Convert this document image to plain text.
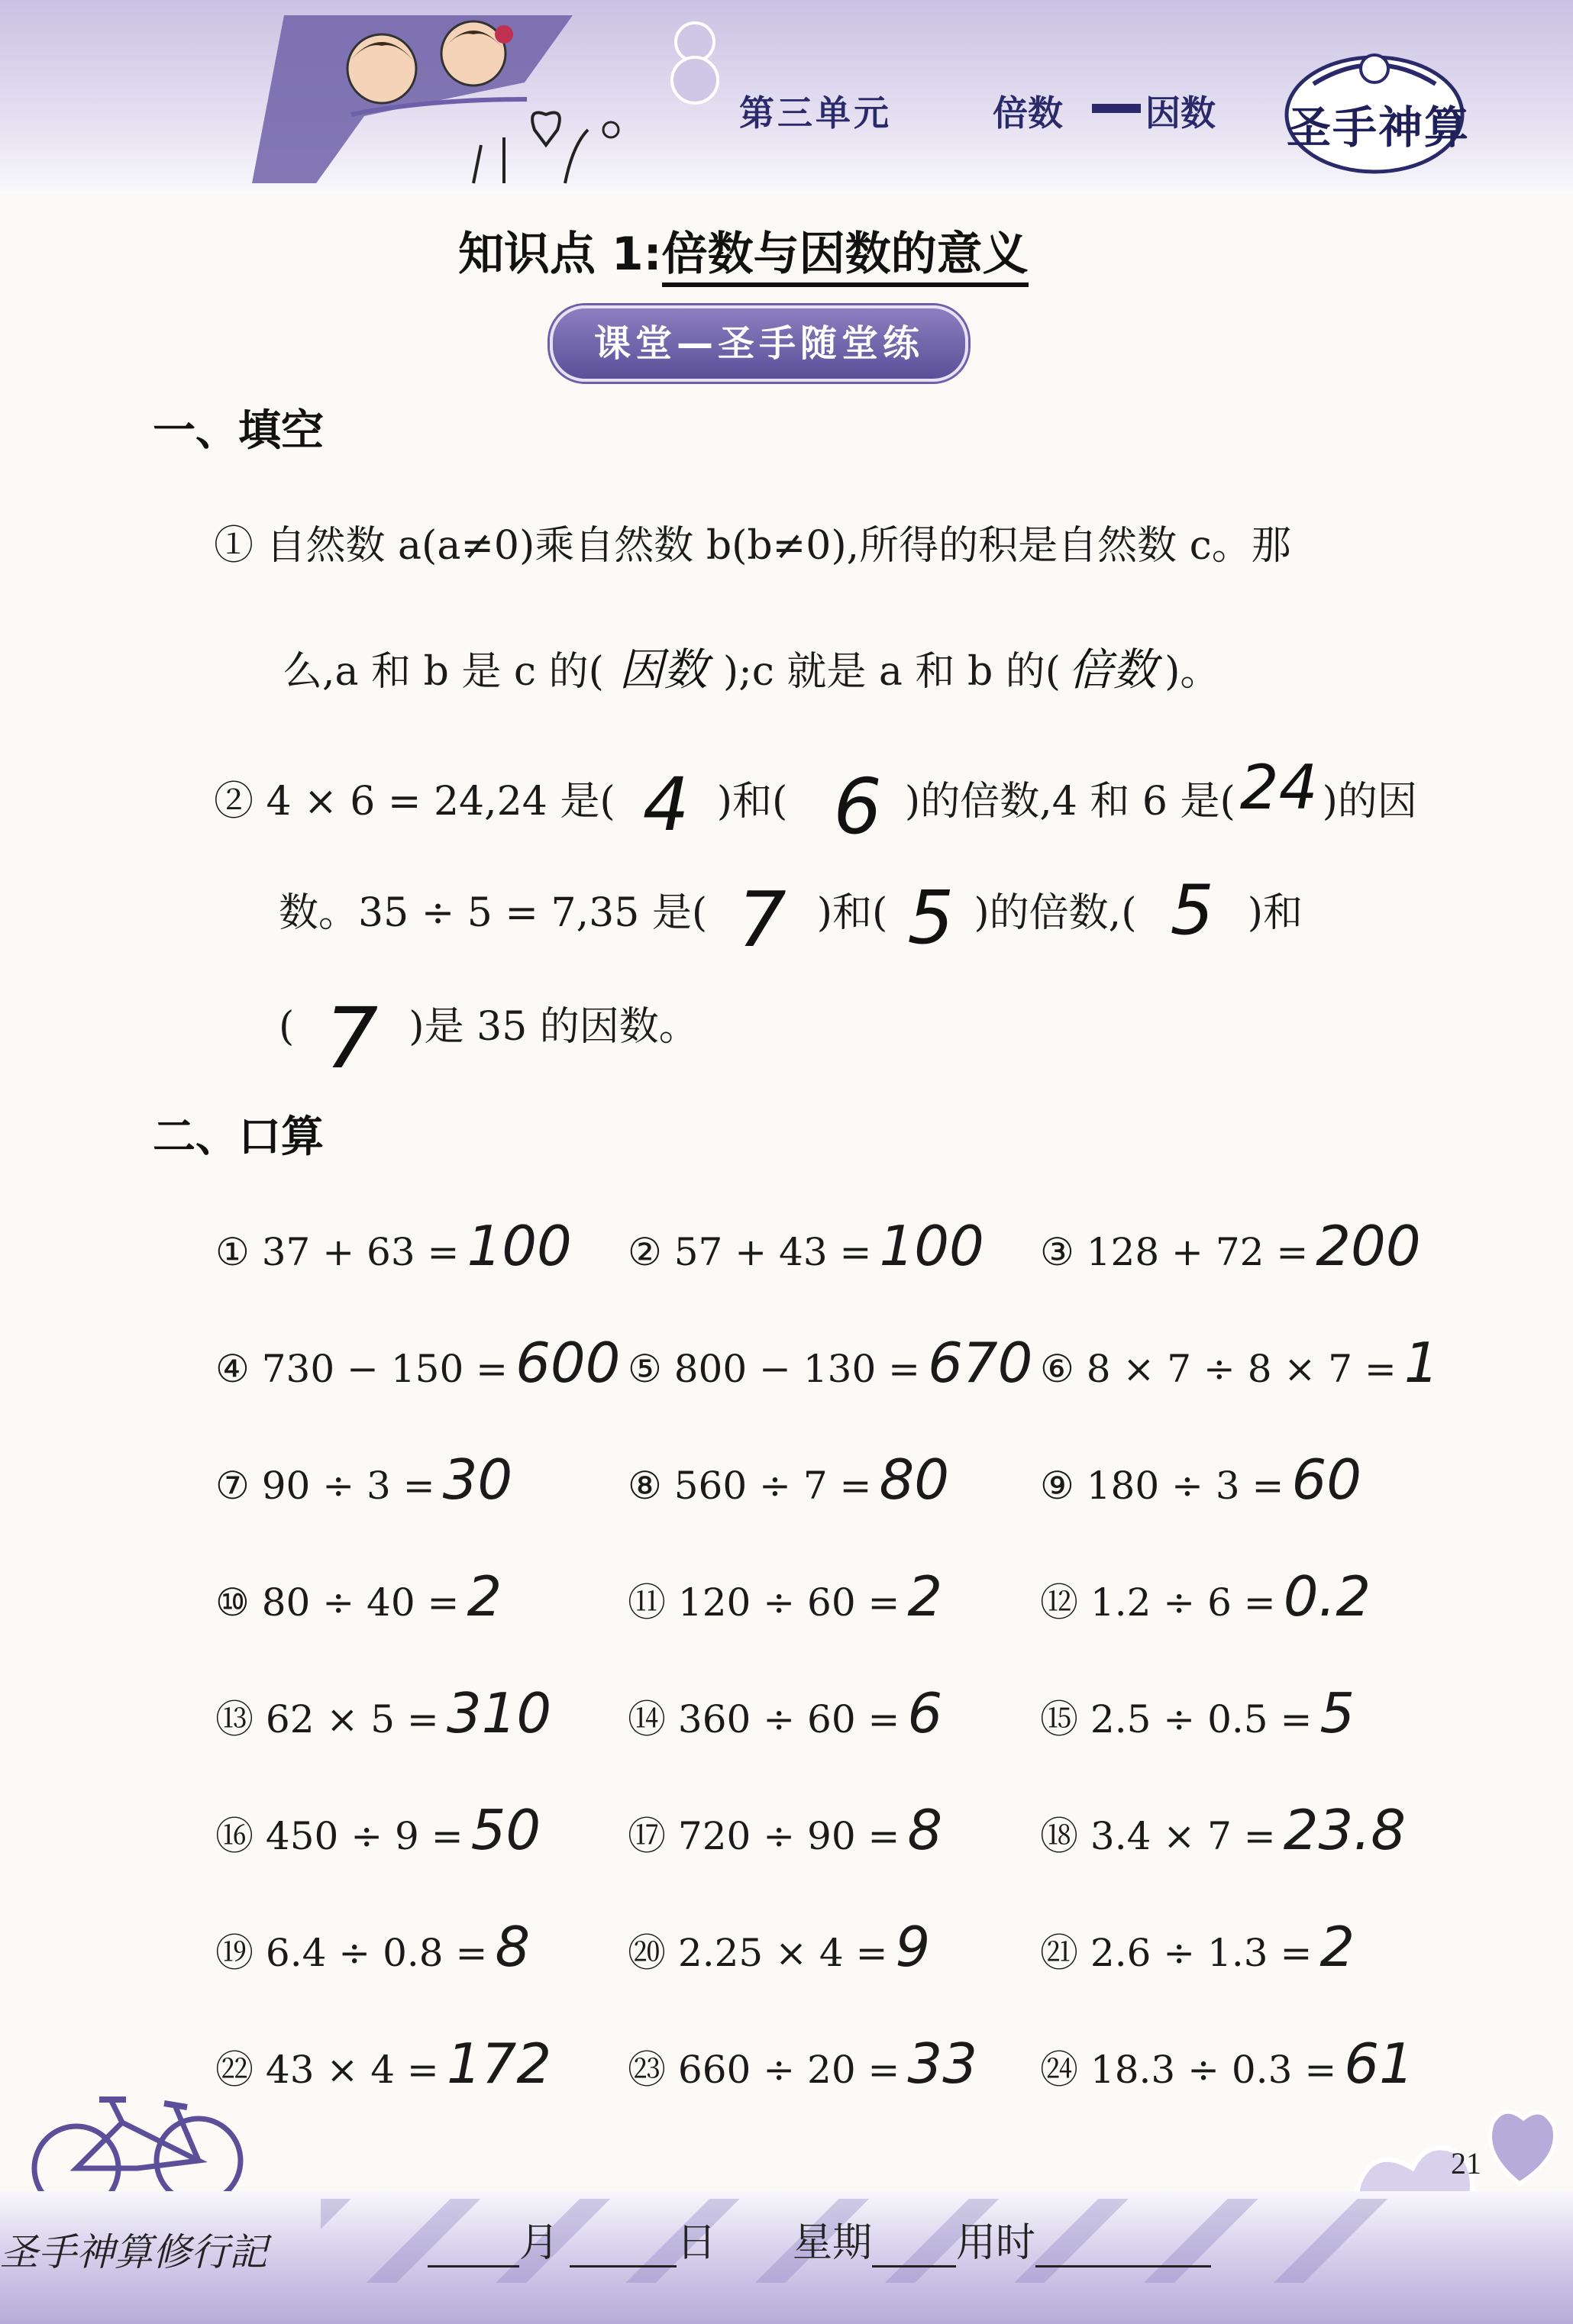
第三单元	倍数 因数 圣手神算
知识点 1:倍数与因数的意义
课堂—圣手随堂练
一、填空
① 自然数 a(a≠0)乘自然数 b(b≠0),所得的积是自然数 c。那
么,a 和 b 是 c 的( 因数 );c 就是 a 和 b 的( 倍数 )。
② 4 × 6 = 24,24 是( 4 )和( 6 )的倍数,4 和 6 是(24 )的因
数。35 ÷ 5 = 7,35 是( 7 )和( 5 )的倍数,( 5 )和
( 7 )是 35 的因数。
二、口算
① 37 + 63 = 100 ② 57 + 43 = 100 ③ 128 + 72 = 200
④ 730 − 150 = 600 ⑤ 800 − 130 = 670 ⑥ 8 × 7 ÷ 8 × 7 = 1
⑦ 90 ÷ 3 = 30	⑧ 560 ÷ 7 = 80 ⑨ 180 ÷ 3 = 60
⑩ 80 ÷ 40 = 2	⑪ 120 ÷ 60 = 2	⑫ 1.2 ÷ 6 = 0.2
⑬ 62 × 5 = 310 ⑭ 360 ÷ 60 = 6	⑮ 2.5 ÷ 0.5 = 5
⑯ 450 ÷ 9 = 50 ⑰ 720 ÷ 90 = 8	⑱ 3.4 × 7 = 23.8
⑲ 6.4 ÷ 0.8 = 8	⑳ 2.25 × 4 = 9	㉑ 2.6 ÷ 1.3 = 2
㉒ 43 × 4 = 172 ㉓ 660 ÷ 20 = 33 ㉔ 18.3 ÷ 0.3 = 61
21
圣手神算修行記	月	日 星期 用时
